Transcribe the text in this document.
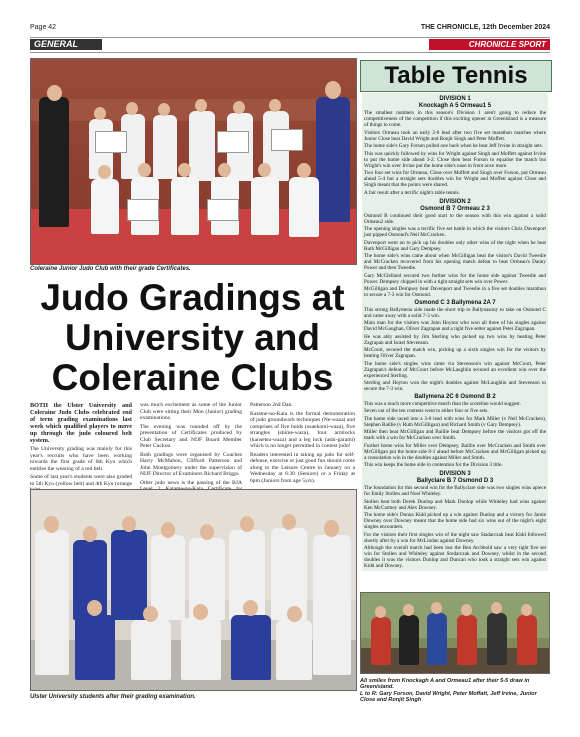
Page 42	THE CHRONICLE, 12th December 2024
GENERAL	CHRONICLE SPORT
Coleraine Junior Judo Club with their grade Certificates.
Judo Gradings at University and Coleraine Clubs

BOTH the Ulster University and Coleraine Judo Clubs celebrated end of term grading examinations last week which qualified players to move up through the judo coloured belt system.

The University grading was mainly for this year's recruits who have been working towards the first grade of 6th Kyu which entitles the wearing of a red belt.

Some of last year's students were also graded to 5th Kyu (yellow belt) and 4th Kyu (orange

was much excitement as some of the Junior Club were sitting their Mon (Junior) grading examinations.

The evening was rounded off by the presentation of Certificates produced by Club Secretary and NIJF Board Member Peter Cuckoo.

Both gradings were organised by Coaches Harry McMahon, Clifford Patterson and John Montgomery under the supervision of NIJF Director of Examiners Richard Briggs.

Other judo news is the passing of the BJA

Patterson 2nd Dan.

Katame-no-Kata is the formal demonstration of judo groundwork techniques (Ne-waza) and comprises of five holds (osaekomi-waza), five strangles (shime-waza), four armlocks (kansetsu-waza) and a leg lock (ashi-garami) which is no longer permitted in contest judo!

Readers interested in taking up judo for self-defense, exercise or just good fun should come along to the Leisure Centre in January on a Wednesday at 6:30 (Seniors) or a Friday at 6pm (Juniors from age 5yrs).

Ulster University students after their grading examination.
Table Tennis
DIVISION 1
Knockagh A 5 Ormeau1 5

The smallest numbers in this season's Division 1 aren't going to reduce the competitiveness of the competition if this exciting opener at Greenisland is a measure of things to come.

Visitors Ormeau took an early 2-0 lead after two five set marathon matches where Junior Close beat David Wright and Ronjit Singh and Peter Moffett.

The home side's Gary Forson pulled one back when he beat Jeff Irvine in straight sets.

This was quickly followed by wins for Wright against Singh and Moffett against Irvine to put the home side ahead 3-2. Close then beat Forson to equalise the match but Wright's win over Irvine put the home side's nose in front once more.

Two four set wins for Ormeau, Close over Moffett and Singh over Forson, put Ormeau ahead 5-4 but a straight sets doubles win for Wright and Moffett against Close and Singh meant that the points were shared.

A fair result after a terrific night's table tennis.

DIVISION 2
Osmond B 7 Ormeau 2 3

Osmond B continued their good start to the season with this win against a solid Ormeau2 side.

The opening singles was a terrific five set battle in which the visitors Chris Davenport just pipped Osmond's Neil McCracken.

Davenport went on to pick up his doubles only other wins of the night when he beat Ruth McGilligan and Gary Dempsey.

The home side's wins came about when McGilligan beat the visitor's David Tweedie and McCracken recovered from his opening match defeat to beat Ormeau's Danny Power and then Tweedie.

Gary McClelland secured two further wins for the home side against Tweedie and Power. Dempsey chipped in with a tight straight sets win over Power.

McGilligan and Dempsey beat Davenport and Tweedie in a five set doubles marathon to secure a 7-3 win for Osmond.

Osmond C 3 Ballymena 2A 7

This strong Ballymena side made the short trip to Ballynasony to take on Osmond C and came away with a solid 7-3 win.

Main man for the visitors was John Hoyton who won all three of his singles against David McGaughan, Oliver Zagrapan and a tight five setter against Peter Zagrapan.

He was ably assisted by Jim Sterling who picked up two wins by beating Peter Zagrapan and Israel Stevenson.

McCourt, secured the match win, picking up a sixth singles win for the visitors by beating Oliver Zagrapan.

The home side's singles wins came via Stevenson's win against McCourt, Peter Zagrapan's defeat of McCourt before McLaughlin secured an excellent win over the experienced Sterling.

Sterling and Hoyton won the night's doubles against McLaughlin and Stevenson to secure the 7-3 win.

Ballymena 2C 6 Osmond B 2

This was a much more competitive match than the scoreline would suggest.

Seven out of the ten contests went to either four or five sets.

The home side raced into a 3-0 lead with wins for Mark Miller (v Neil McCracken), Stephen Baillie (v Ruth McGilligan) and Richard Smith (v Gary Dempsey).

Miller then beat McGilligan and Baillie beat Dempsey before the visitors got off the mark with a win for McCracken over Smith.

Further home wins for Miller over Dempsey, Baillie over McCracken and Smith over McGilligan put the home side 8-1 ahead before McCracken and McGilligan picked up a consolation win in the doubles against Miller and Smith.

This win keeps the home side in contention for the Division 3 title.

DIVISION 3
Ballyclare B 7 Osmond D 3

The foundation for this second win for the Ballyclare side was two singles wins apiece for Emily Stollen and Noel Whiteley.

Stollen beat both Derek Dunlop and Mark Dunlop while Whiteley had wins against Ken McCartney and Alex Downey.

The home side's Donna Kidd picked up a win against Dunlop and a victory for Jamie Downey over Downey meant that the home side had six wins out of the night's eight singles encounters.

For the visitors their first singles win of the night saw Stadarczak beat Kidd followed shortly after by a win for McLindan against Downey.

Although the overall match had been lost the Ben Archbold saw a very tight five set win for Stollen and Whiteley against Stodarczak and Downey, whilst in the second doubles it was the visitors Dunlop and Duncan who took a straight sets win against Kidd and Downey.

All smiles from Knockagh A and Ormeau1 after their 5-5 draw in Greenisland.
L to R: Gary Forson, David Wright, Peter Moffatt, Jeff Irvine, Junior Close and Ronjit Singh
